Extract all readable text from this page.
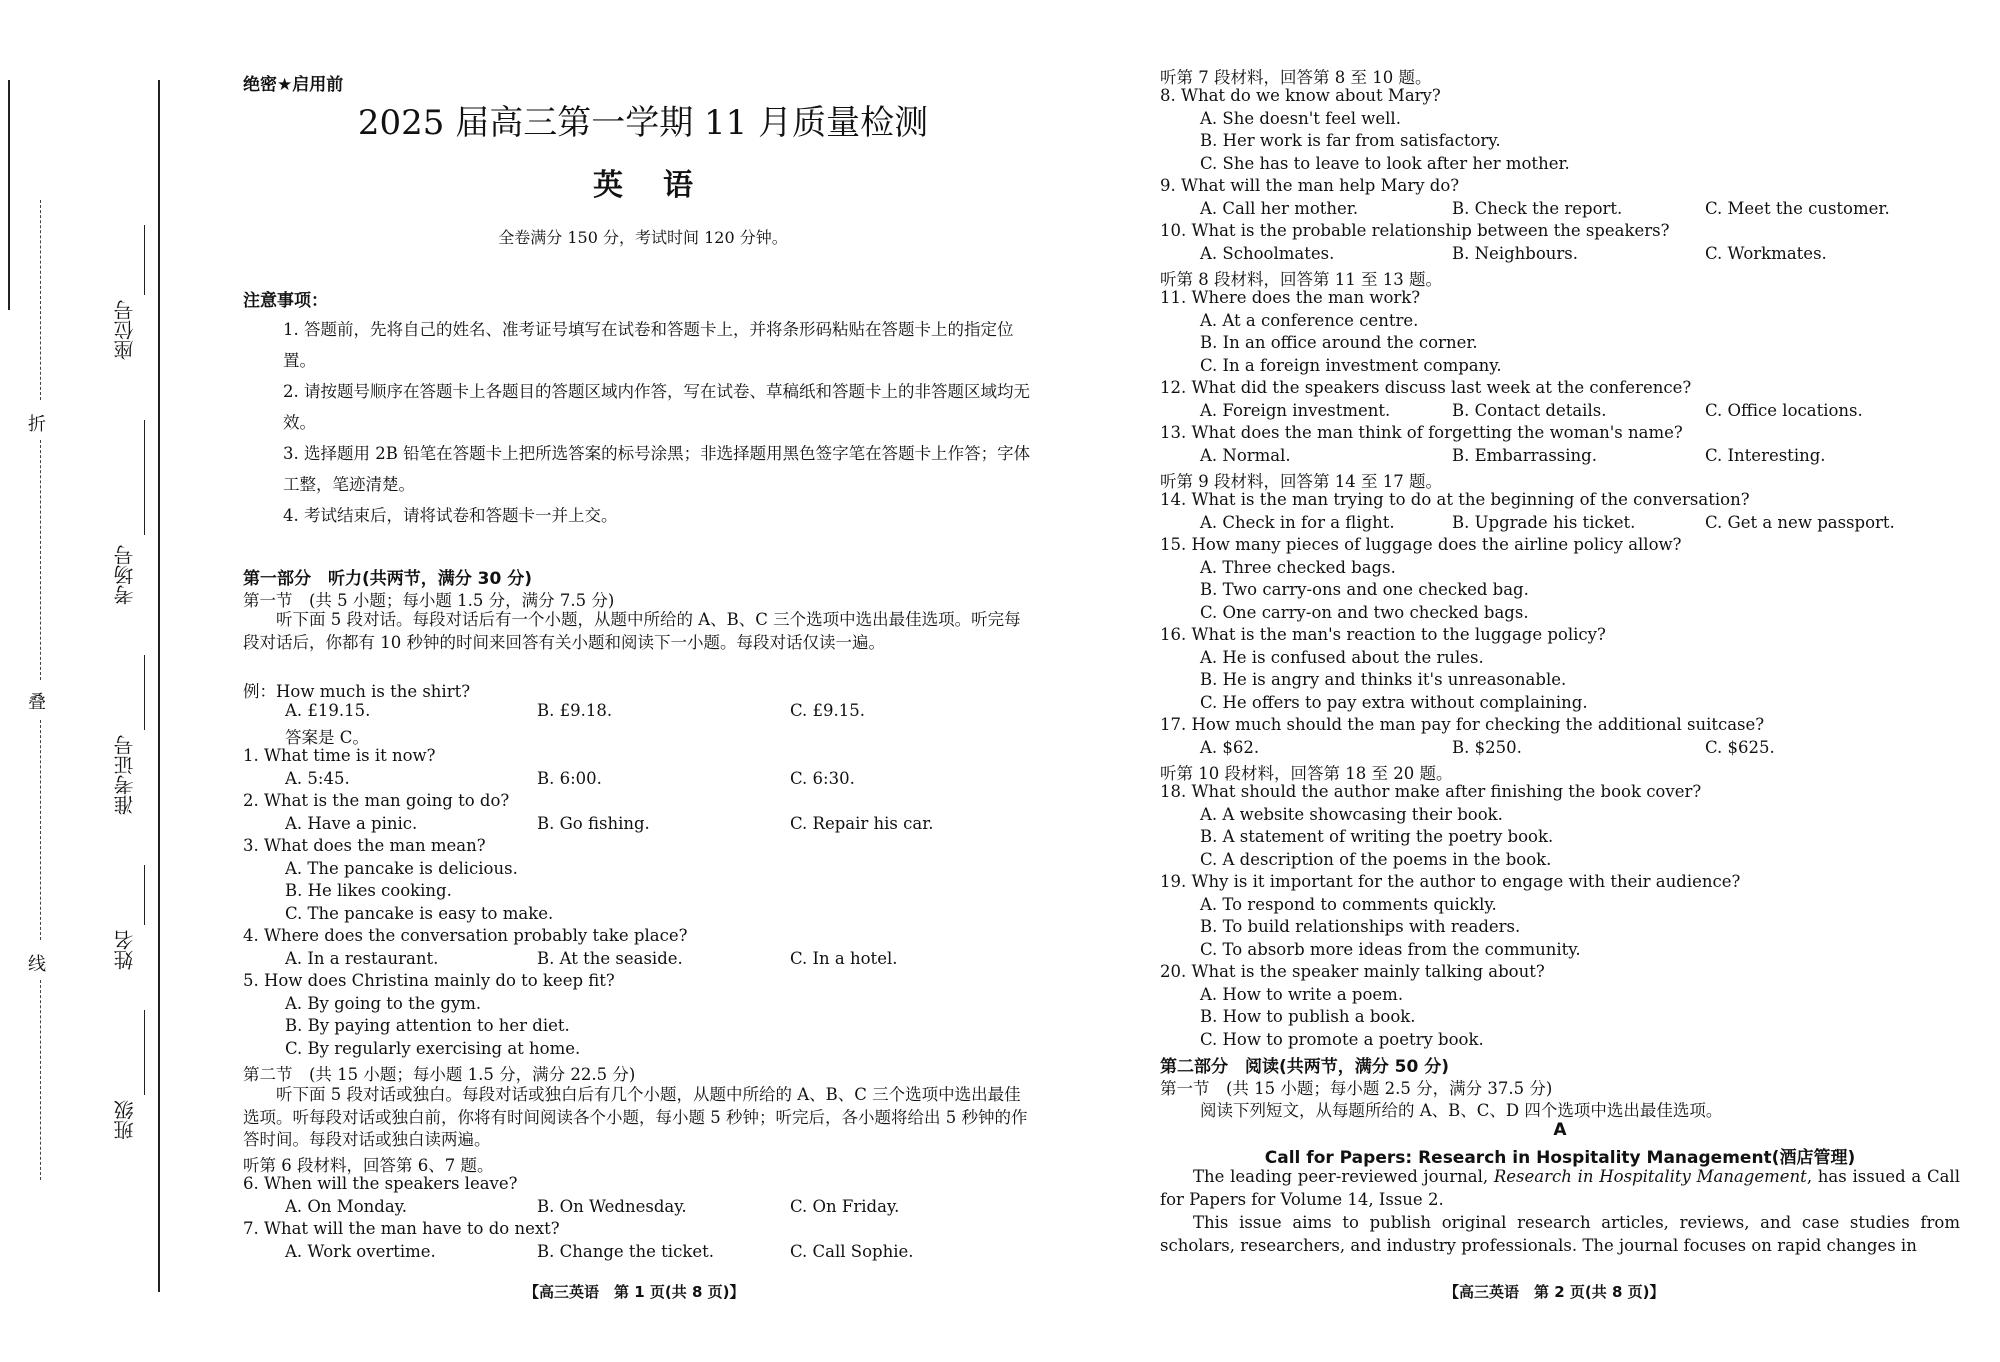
折
叠
线
座位号
考场号
准考证号
姓名
班级
绝密★启用前
2025 届高三第一学期 11 月质量检测
英语
全卷满分 150 分，考试时间 120 分钟。
注意事项：
1. 答题前，先将自己的姓名、准考证号填写在试卷和答题卡上，并将条形码粘贴在答题卡上的指定位置。
2. 请按题号顺序在答题卡上各题目的答题区域内作答，写在试卷、草稿纸和答题卡上的非答题区域均无效。
3. 选择题用 2B 铅笔在答题卡上把所选答案的标号涂黑；非选择题用黑色签字笔在答题卡上作答；字体工整，笔迹清楚。
4. 考试结束后，请将试卷和答题卡一并上交。
第一部分　听力(共两节，满分 30 分)
第一节　(共 5 小题；每小题 1.5 分，满分 7.5 分)
听下面 5 段对话。每段对话后有一个小题，从题中所给的 A、B、C 三个选项中选出最佳选项。听完每段对话后，你都有 10 秒钟的时间来回答有关小题和阅读下一小题。每段对话仅读一遍。
例：How much is the shirt?
A. £19.15.	B. £9.18.	C. £9.15.
答案是 C。
1. What time is it now?
A. 5:45.	B. 6:00.	C. 6:30.
2. What is the man going to do?
A. Have a pinic.	B. Go fishing.	C. Repair his car.
3. What does the man mean?
A. The pancake is delicious.
B. He likes cooking.
C. The pancake is easy to make.
4. Where does the conversation probably take place?
A. In a restaurant.	B. At the seaside.	C. In a hotel.
5. How does Christina mainly do to keep fit?
A. By going to the gym.
B. By paying attention to her diet.
C. By regularly exercising at home.
第二节　(共 15 小题；每小题 1.5 分，满分 22.5 分)
听下面 5 段对话或独白。每段对话或独白后有几个小题，从题中所给的 A、B、C 三个选项中选出最佳选项。听每段对话或独白前，你将有时间阅读各个小题，每小题 5 秒钟；听完后，各小题将给出 5 秒钟的作答时间。每段对话或独白读两遍。
听第 6 段材料，回答第 6、7 题。
6. When will the speakers leave?
A. On Monday.	B. On Wednesday.	C. On Friday.
7. What will the man have to do next?
A. Work overtime.	B. Change the ticket.	C. Call Sophie.
【高三英语　第 1 页(共 8 页)】
听第 7 段材料，回答第 8 至 10 题。
8. What do we know about Mary?
A. She doesn't feel well.
B. Her work is far from satisfactory.
C. She has to leave to look after her mother.
9. What will the man help Mary do?
A. Call her mother.	B. Check the report.	C. Meet the customer.
10. What is the probable relationship between the speakers?
A. Schoolmates.	B. Neighbours.	C. Workmates.
听第 8 段材料，回答第 11 至 13 题。
11. Where does the man work?
A. At a conference centre.
B. In an office around the corner.
C. In a foreign investment company.
12. What did the speakers discuss last week at the conference?
A. Foreign investment.	B. Contact details.	C. Office locations.
13. What does the man think of forgetting the woman's name?
A. Normal.	B. Embarrassing.	C. Interesting.
听第 9 段材料，回答第 14 至 17 题。
14. What is the man trying to do at the beginning of the conversation?
A. Check in for a flight.	B. Upgrade his ticket.	C. Get a new passport.
15. How many pieces of luggage does the airline policy allow?
A. Three checked bags.
B. Two carry-ons and one checked bag.
C. One carry-on and two checked bags.
16. What is the man's reaction to the luggage policy?
A. He is confused about the rules.
B. He is angry and thinks it's unreasonable.
C. He offers to pay extra without complaining.
17. How much should the man pay for checking the additional suitcase?
A. $62.	B. $250.	C. $625.
听第 10 段材料，回答第 18 至 20 题。
18. What should the author make after finishing the book cover?
A. A website showcasing their book.
B. A statement of writing the poetry book.
C. A description of the poems in the book.
19. Why is it important for the author to engage with their audience?
A. To respond to comments quickly.
B. To build relationships with readers.
C. To absorb more ideas from the community.
20. What is the speaker mainly talking about?
A. How to write a poem.
B. How to publish a book.
C. How to promote a poetry book.
第二部分　阅读(共两节，满分 50 分)
第一节　(共 15 小题；每小题 2.5 分，满分 37.5 分)
阅读下列短文，从每题所给的 A、B、C、D 四个选项中选出最佳选项。
A
Call for Papers: Research in Hospitality Management(酒店管理)
The leading peer-reviewed journal, Research in Hospitality Management, has issued a Call for Papers for Volume 14, Issue 2.
This issue aims to publish original research articles, reviews, and case studies from scholars, researchers, and industry professionals. The journal focuses on rapid changes in
【高三英语　第 2 页(共 8 页)】
